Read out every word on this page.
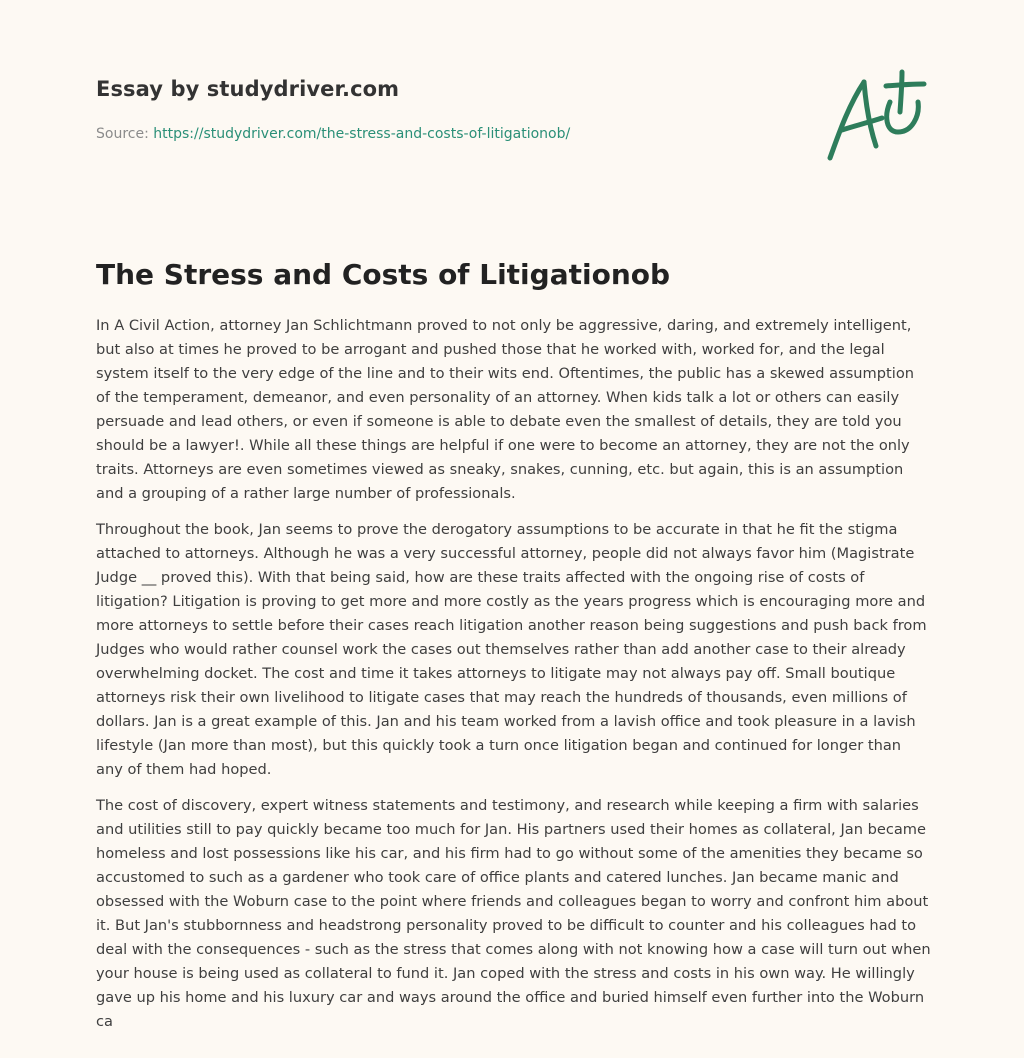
Essay by studydriver.com
Source: https://studydriver.com/the-stress-and-costs-of-litigationob/
The Stress and Costs of Litigationob

In A Civil Action, attorney Jan Schlichtmann proved to not only be aggressive, daring, and extremely intelligent, but also at times he proved to be arrogant and pushed those that he worked with, worked for, and the legal system itself to the very edge of the line and to their wits end. Oftentimes, the public has a skewed assumption of the temperament, demeanor, and even personality of an attorney. When kids talk a lot or others can easily persuade and lead others, or even if someone is able to debate even the smallest of details, they are told you should be a lawyer!. While all these things are helpful if one were to become an attorney, they are not the only traits. Attorneys are even sometimes viewed as sneaky, snakes, cunning, etc. but again, this is an assumption and a grouping of a rather large number of professionals.

Throughout the book, Jan seems to prove the derogatory assumptions to be accurate in that he fit the stigma attached to attorneys. Although he was a very successful attorney, people did not always favor him (Magistrate Judge __ proved this). With that being said, how are these traits affected with the ongoing rise of costs of litigation? Litigation is proving to get more and more costly as the years progress which is encouraging more and more attorneys to settle before their cases reach litigation another reason being suggestions and push back from Judges who would rather counsel work the cases out themselves rather than add another case to their already overwhelming docket. The cost and time it takes attorneys to litigate may not always pay off. Small boutique attorneys risk their own livelihood to litigate cases that may reach the hundreds of thousands, even millions of dollars. Jan is a great example of this. Jan and his team worked from a lavish office and took pleasure in a lavish lifestyle (Jan more than most), but this quickly took a turn once litigation began and continued for longer than any of them had hoped.

The cost of discovery, expert witness statements and testimony, and research while keeping a firm with salaries and utilities still to pay quickly became too much for Jan. His partners used their homes as collateral, Jan became homeless and lost possessions like his car, and his firm had to go without some of the amenities they became so accustomed to such as a gardener who took care of office plants and catered lunches. Jan became manic and obsessed with the Woburn case to the point where friends and colleagues began to worry and confront him about it. But Jan's stubbornness and headstrong personality proved to be difficult to counter and his colleagues had to deal with the consequences - such as the stress that comes along with not knowing how a case will turn out when your house is being used as collateral to fund it. Jan coped with the stress and costs in his own way. He willingly gave up his home and his luxury car and ways around the office and buried himself even further into the Woburn ca
